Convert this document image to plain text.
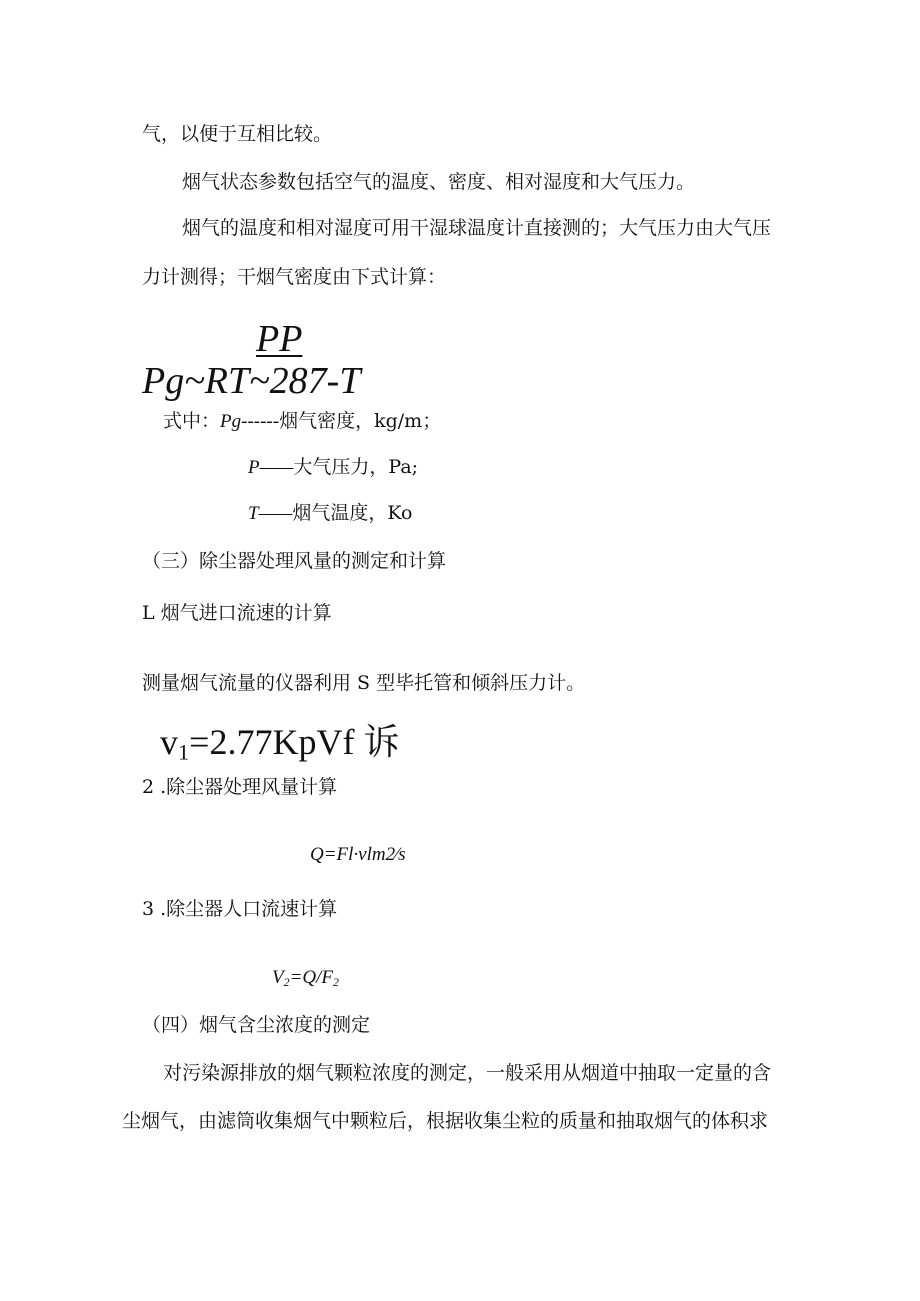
气，以便于互相比较。
烟气状态参数包括空气的温度、密度、相对湿度和大气压力。
烟气的温度和相对湿度可用干湿球温度计直接测的；大气压力由大气压
力计测得；干烟气密度由下式计算：
PP
Pg~RT~287-T
式中：Pg------烟气密度，kg/m；
P——大气压力，Pa;
T——烟气温度，Ko
（三）除尘器处理风量的测定和计算
L 烟气进口流速的计算
测量烟气流量的仪器利用 S 型毕托管和倾斜压力计。
$v_1=2.77KpVf$ 诉
2 .除尘器处理风量计算
Q=Fl·vlm2∕s
3 .除尘器人口流速计算
$V_2=Q/F_2$
（四）烟气含尘浓度的测定
对污染源排放的烟气颗粒浓度的测定，一般采用从烟道中抽取一定量的含
尘烟气，由滤筒收集烟气中颗粒后，根据收集尘粒的质量和抽取烟气的体积求
